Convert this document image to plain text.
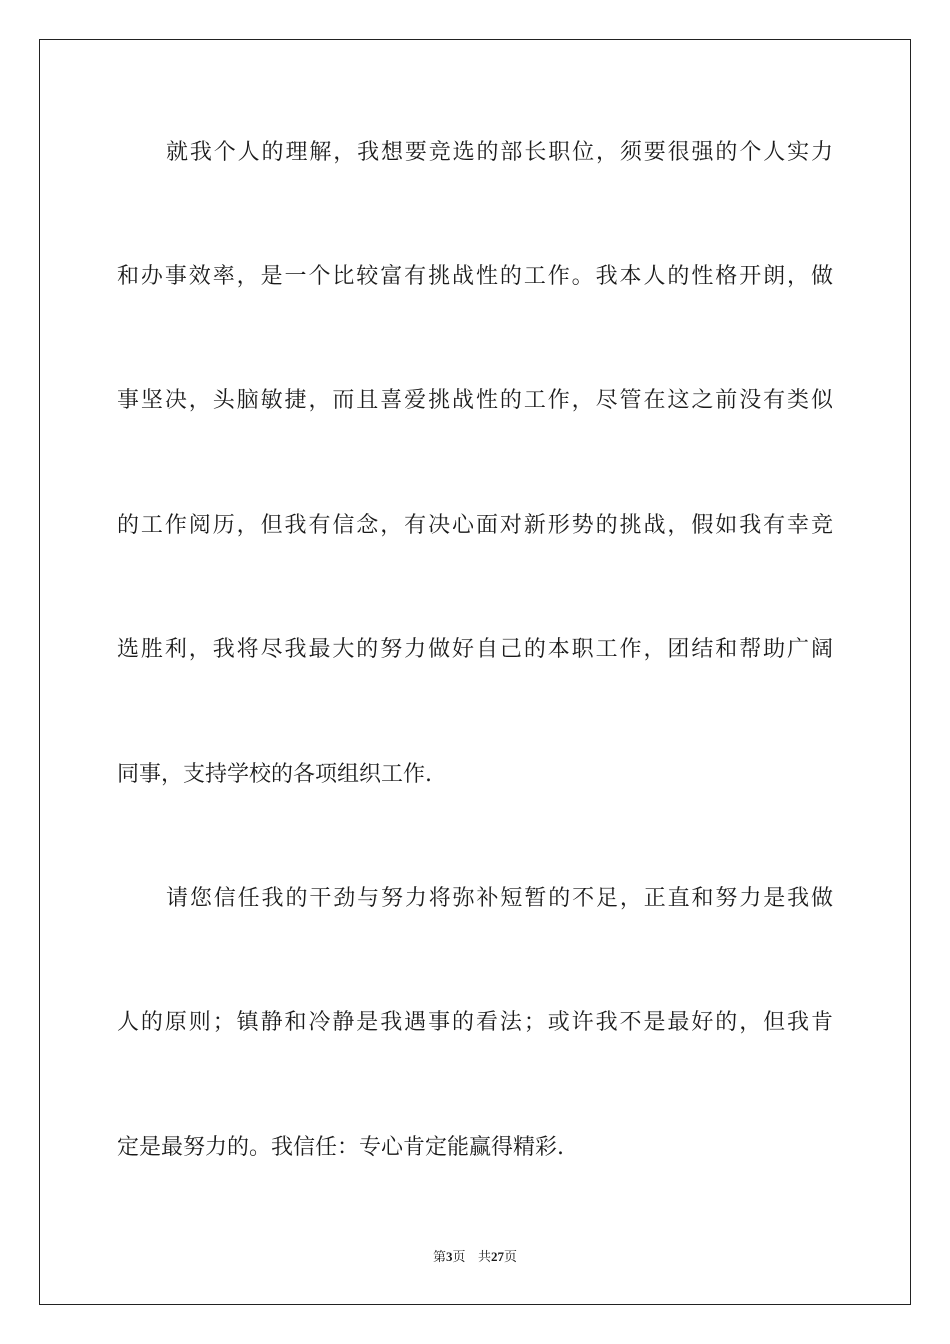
就我个人的理解，我想要竞选的部长职位，须要很强的个人实力
和办事效率，是一个比较富有挑战性的工作。我本人的性格开朗，做
事坚决，头脑敏捷，而且喜爱挑战性的工作，尽管在这之前没有类似
的工作阅历，但我有信念，有决心面对新形势的挑战，假如我有幸竞
选胜利，我将尽我最大的努力做好自己的本职工作，团结和帮助广阔
同事，支持学校的各项组织工作.
请您信任我的干劲与努力将弥补短暂的不足，正直和努力是我做
人的原则；镇静和冷静是我遇事的看法；或许我不是最好的，但我肯
定是最努力的。我信任：专心肯定能赢得精彩.
第3页 共27页
